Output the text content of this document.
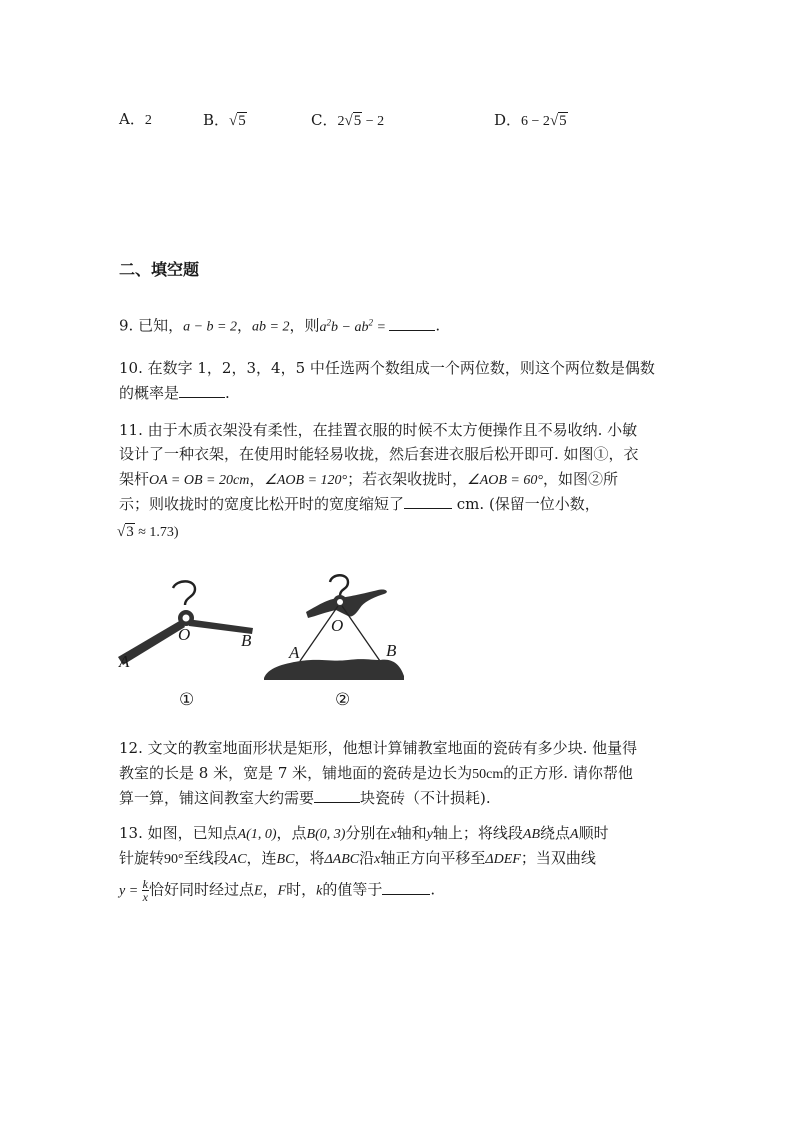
A．2	B．√5	C．2√5 − 2	D．6 − 2√5
二、填空题
9. 已知，a − b = 2，ab = 2，则$a^2b - ab^2$ =	.
10. 在数字 1，2，3，4，5 中任选两个数组成一个两位数，则这个两位数是偶数
的概率是	.
11. 由于木质衣架没有柔性，在挂置衣服的时候不太方便操作且不易收纳. 小敏
设计了一种衣架，在使用时能轻易收拢，然后套进衣服后松开即可. 如图①，衣
架杆OA = OB = 20cm，∠AOB = 120°；若衣架收拢时，∠AOB = 60°，如图②所
示；则收拢时的宽度比松开时的宽度缩短了	cm. (保留一位小数，
√3 ≈ 1.73)
O	B
A
①
O
A	B
②
12. 文文的教室地面形状是矩形，他想计算铺教室地面的瓷砖有多少块. 他量得
教室的长是 8 米，宽是 7 米，铺地面的瓷砖是边长为50cm的正方形. 请你帮他
算一算，铺这间教室大约需要	块瓷砖（不计损耗).
13. 如图，已知点A(1, 0)，点B(0, 3)分别在x轴和y轴上；将线段AB绕点A顺时
针旋转90°至线段AC，连BC，将ΔABC沿x轴正方向平移至ΔDEF；当双曲线
$y = \frac{k}{x}$ 恰好同时经过点E，F时，k的值等于	.
